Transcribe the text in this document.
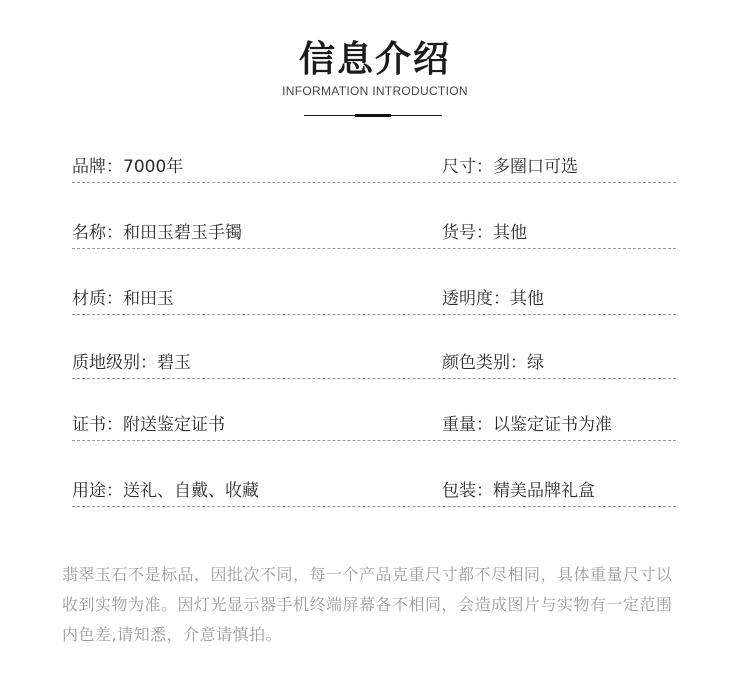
信息介绍
INFORMATION INTRODUCTION
品牌：7000年	尺寸：多圈口可选
名称：和田玉碧玉手镯	货号：其他
材质：和田玉	透明度：其他
质地级别：碧玉	颜色类别：绿
证书：附送鉴定证书	重量：以鉴定证书为准
用途：送礼、自戴、收藏	包装：精美品牌礼盒
翡翠玉石不是标品，因批次不同，每一个产品克重尺寸都不尽相同，具体重量尺寸以收到实物为准。因灯光显示器手机终端屏幕各不相同，会造成图片与实物有一定范围内色差,请知悉，介意请慎拍。
